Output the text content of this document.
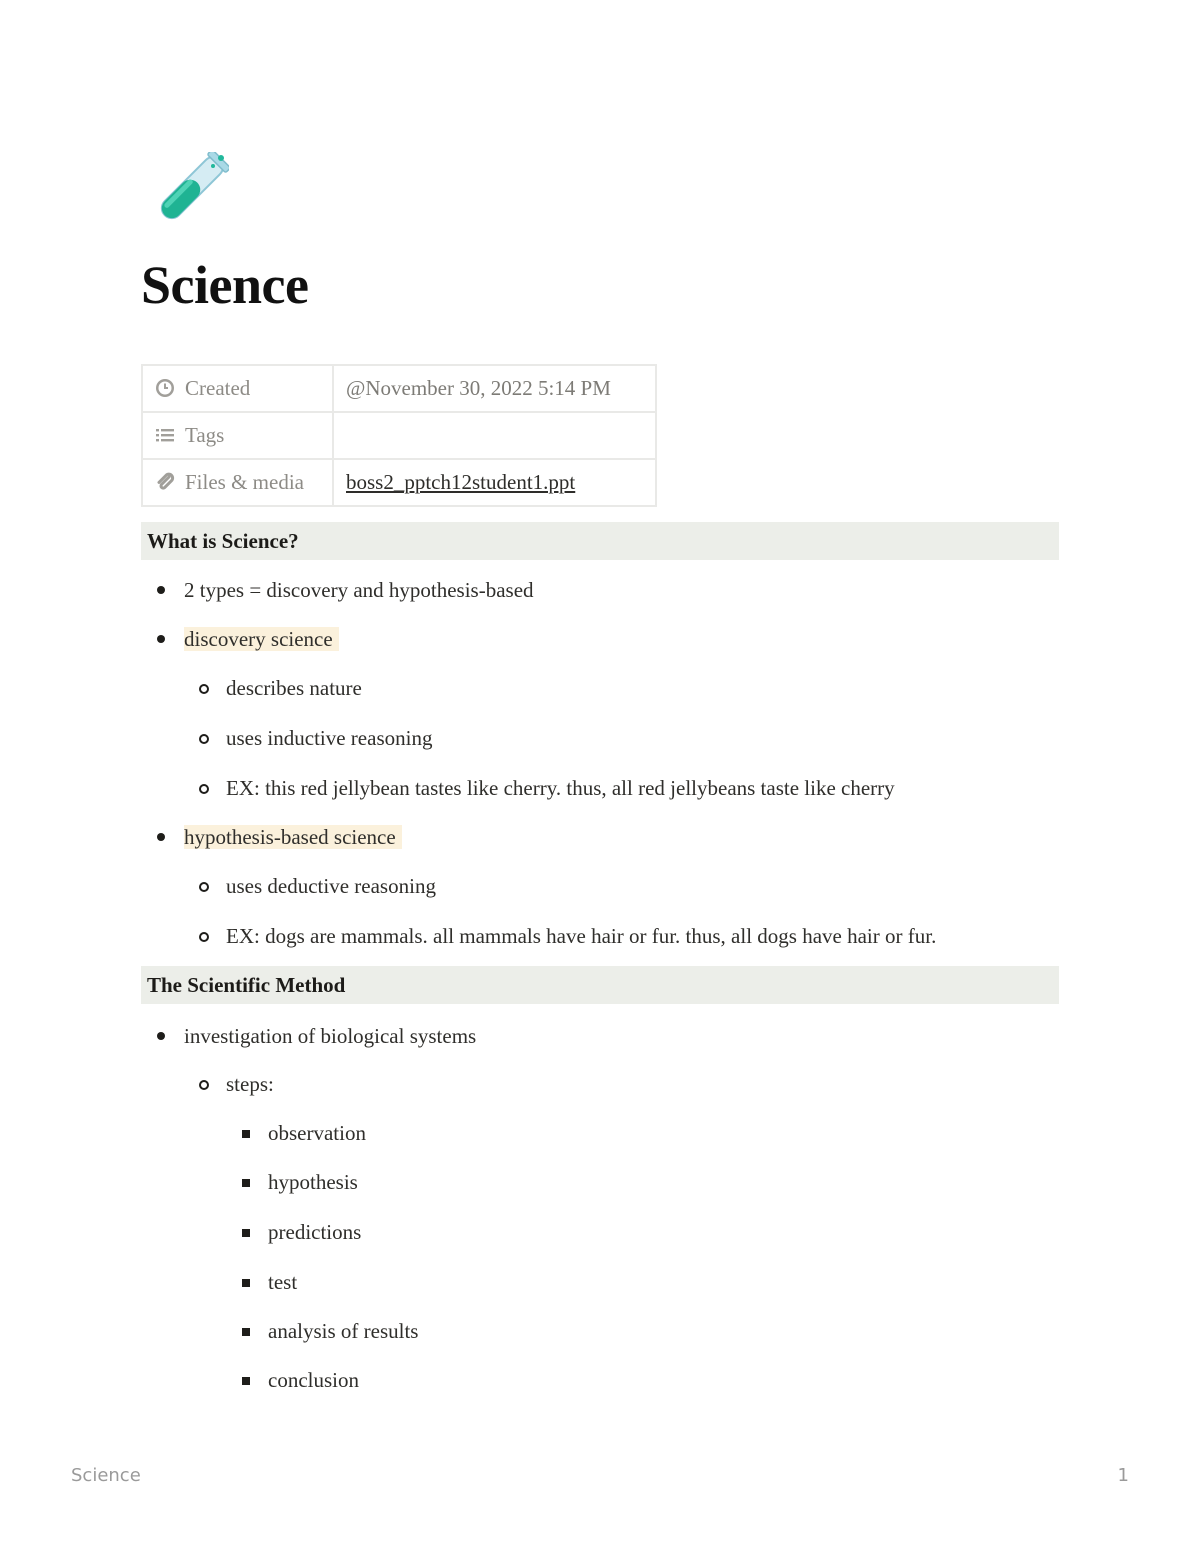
Science
Created	@November 30, 2022 5:14 PM
Tags	
Files & media	boss2_pptch12student1.ppt
What is Science?
2 types = discovery and hypothesis-based
discovery science
describes nature
uses inductive reasoning
EX: this red jellybean tastes like cherry. thus, all red jellybeans taste like cherry
hypothesis-based science
uses deductive reasoning
EX: dogs are mammals. all mammals have hair or fur. thus, all dogs have hair or fur.
The Scientific Method
investigation of biological systems
steps:
observation
hypothesis
predictions
test
analysis of results
conclusion
Science	1
